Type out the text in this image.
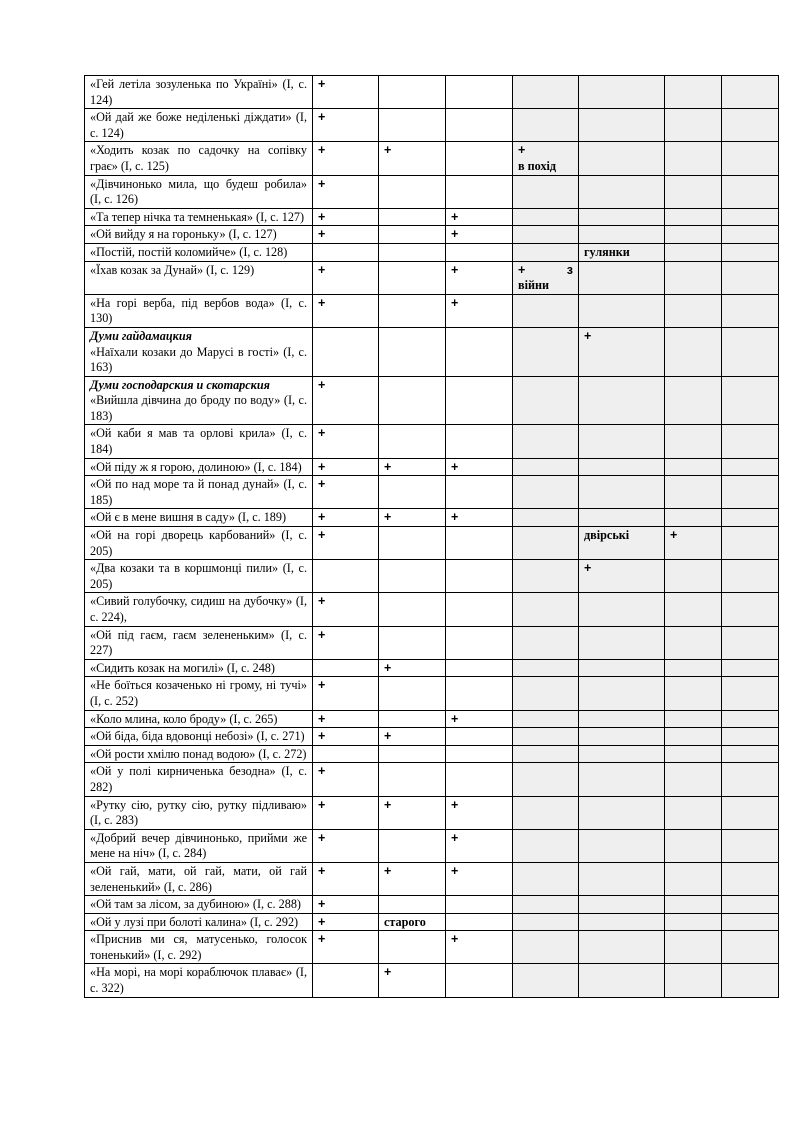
«Гей летіла зозуленька по Україні» (І, с. 124)	+						

«Ой дай же боже неділенькі діждати» (І, с. 124)	+						

«Ходить козак по садочку на сопівку грає» (І, с. 125)	+	+		+
в похід			

«Дівчинонько мила, що будеш робила» (І, с. 126)	+						

«Та тепер нічка та темненькая» (І, с. 127)	+		+				

«Ой вийду я на гороньку» (І, с. 127)	+		+				

«Постій, постій коломийче» (І, с. 128)					гулянки		

«Їхав козак за Дунай» (І, с. 129)	+		+	+ з
війни			

«На горі верба, під вербов вода» (І, с. 130)	+		+				

Думи гайдамацкия
«Наїхали козаки до Марусі в гості» (І, с. 163)					+		

Думи господарския и скотарския
«Вийшла дівчина до броду по воду» (І, с. 183)	+						

«Ой каби я мав та орлові крила» (І, с. 184)	+						

«Ой піду ж я горою, долиною» (І, с. 184)	+	+	+				

«Ой по над море та й понад дунай» (І, с. 185)	+						

«Ой є в мене вишня в саду» (І, с. 189)	+	+	+				

«Ой на горі дворець карбований» (І, с. 205)	+				двірські	+	

«Два козаки та в коршмонці пили» (І, с. 205)					+		

«Сивий голубочку, сидиш на дубочку» (І, с. 224),	+						

«Ой під гаєм, гаєм зелененьким» (І, с. 227)	+						

«Сидить козак на могилі» (І, с. 248)		+					

«Не боїться козаченько ні грому, ні тучі» (І, с. 252)	+						

«Коло млина, коло броду» (І, с. 265)	+		+				

«Ой біда, біда вдовонці небозі» (І, с. 271)	+	+					

«Ой рости хмілю понад водою» (І, с. 272)							
«Ой у полі кирниченька безодна» (І, с. 282)	+						

«Рутку сію, рутку сію, рутку підливаю» (І, с. 283)	+	+	+				

«Добрий вечер дівчинонько, прийми же мене на ніч» (І, с. 284)	+		+				

«Ой гай, мати, ой гай, мати, ой гай зелененький» (І, с. 286)	+	+	+				

«Ой там за лісом, за дубиною» (І, с. 288)	+						

«Ой у лузі при болоті калина» (І, с. 292)	+	старого					

«Приснив ми ся, матусенько, голосок тоненький» (І, с. 292)	+		+				

«На морі, на морі кораблючок плаває» (І, с. 322)		+					
